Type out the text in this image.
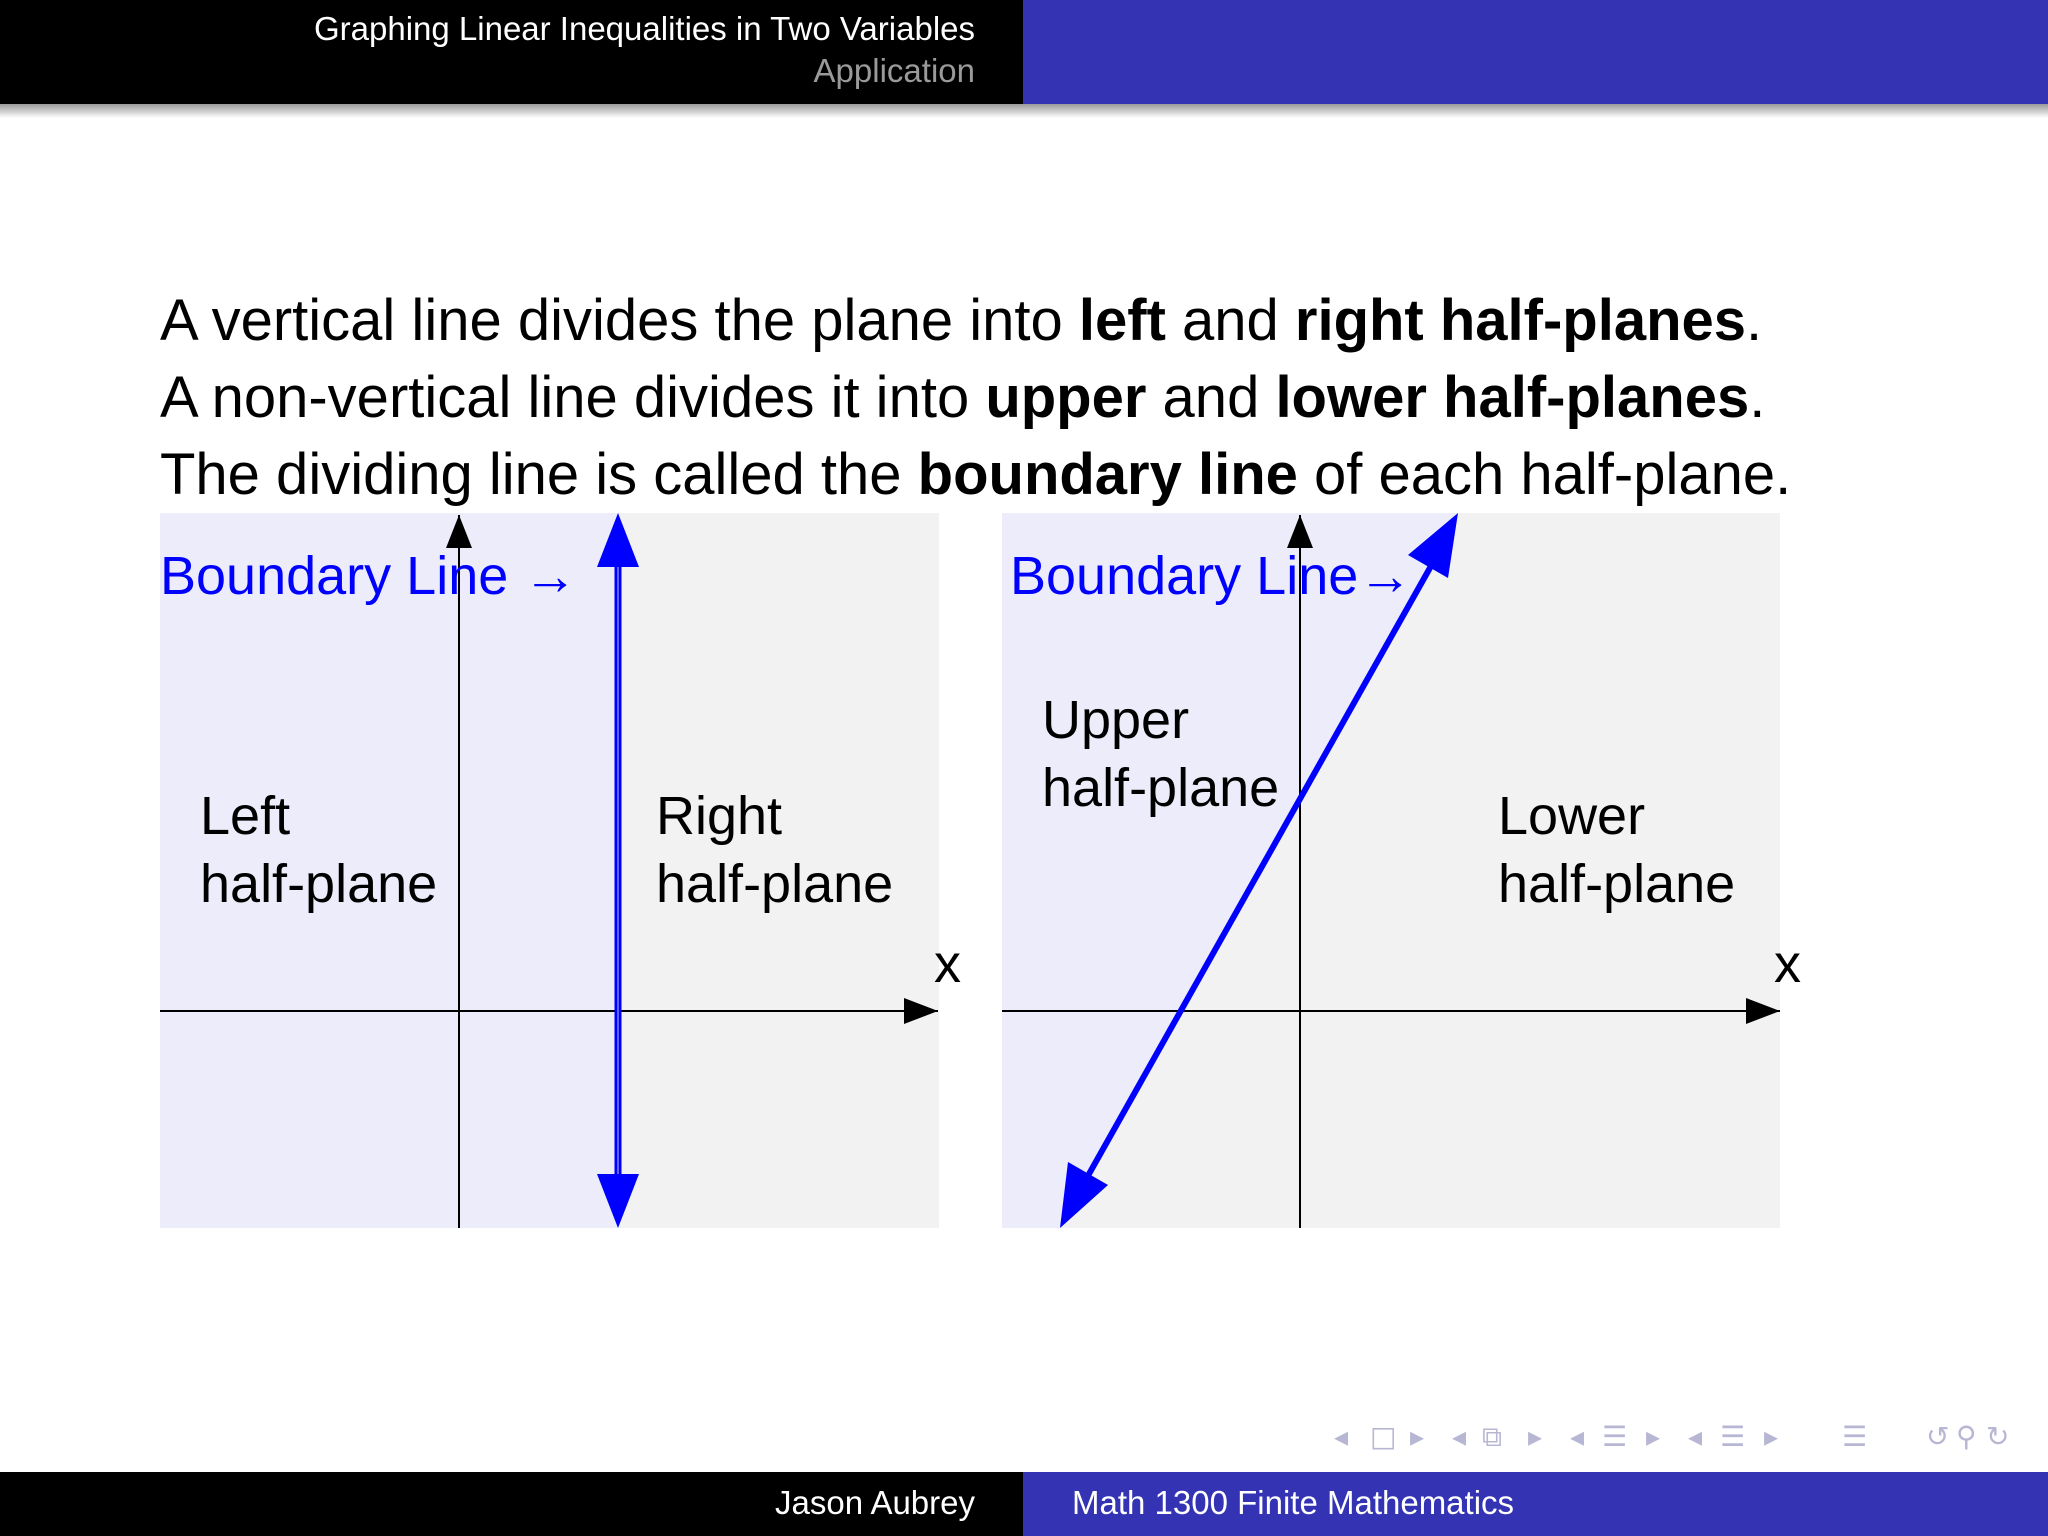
Graphing Linear Inequalities in Two Variables
Application

A vertical line divides the plane into left and right half-planes.

A non-vertical line divides it into upper and lower half-planes.

The dividing line is called the boundary line of each half-plane.

Boundary Line →
Left
half-plane
Right
half-plane
x
Boundary Line→
Upper
half-plane	Lower
half-plane
x
◂ □ ▸ ◂ ⧉ ▸ ◂ ☰ ▸ ◂ ☰ ▸ ☰ ↺ ⚲ ↻
Jason Aubrey	Math 1300 Finite Mathematics
